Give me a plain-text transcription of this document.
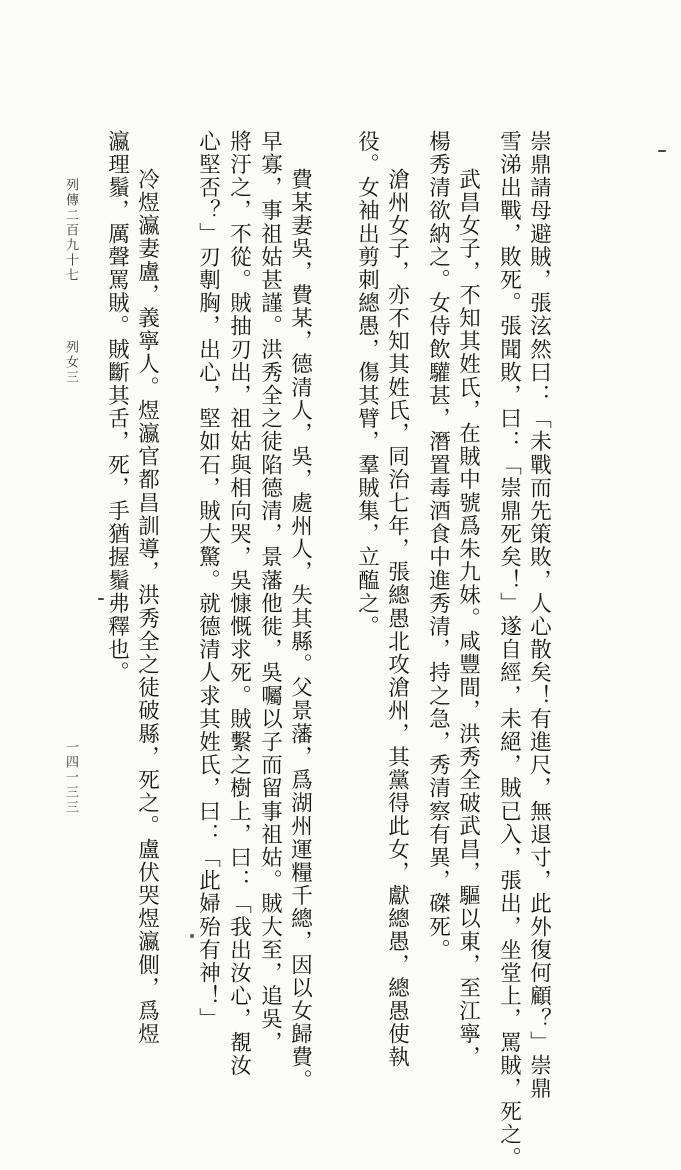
崇鼎請母避賊，張泫然曰：「未戰而先策敗，人心散矣！有進尺，無退寸，此外復何顧？」崇鼎
雪涕出戰，敗死。張聞敗，曰：「崇鼎死矣！」遂自經，未絕，賊已入，張出，坐堂上，罵賊，死之。
武昌女子，不知其姓氏，在賊中號爲朱九妹。咸豐間，洪秀全破武昌，驅以東，至江寧，
楊秀清欲納之。女侍飲驩甚，潛置毒酒食中進秀清，持之急，秀清察有異，磔死。
滄州女子，亦不知其姓氏，同治七年，張總愚北攻滄州，其黨得此女，獻總愚，總愚使執
役。女袖出剪刺總愚，傷其臂，羣賊集，立醢之。
費某妻吳，費某，德清人，吳，處州人，失其縣。父景藩，爲湖州運糧千總，因以女歸費。
早寡，事祖姑甚謹。洪秀全之徒陷德清，景藩他徙，吳囑以子而留事祖姑。賊大至，追吳，
將汙之，不從。賊抽刃出，祖姑與相向哭，吳慷慨求死。賊繫之樹上，曰：「我出汝心，覩汝
心堅否？」刃剸胸，出心，堅如石，賊大驚。就德清人求其姓氏，曰：「此婦殆有神！」
冷煜瀛妻盧，義寧人。煜瀛官都昌訓導，洪秀全之徒破縣，死之。盧伏哭煜瀛側，爲煜
瀛理鬚，厲聲罵賊。賊斷其舌，死，手猶握鬚弗釋也。
列傳二百九十七
列女三
一四一三三
